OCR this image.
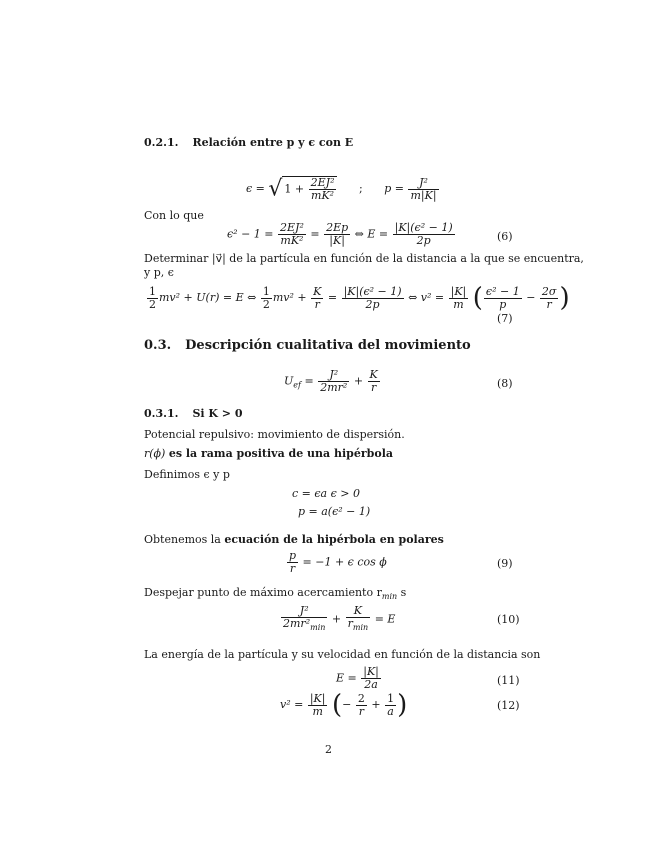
0.2.1. Relación entre p y ϵ con E
ϵ = √ $1 + \frac{\text{2EJ²}}{\text{mK²}}$ ; $p = \frac{\text{J²}}{m|K|}$
Con lo que
$\epsilon^2 - 1 = \frac{\text{2EJ²}}{\text{mK²}} = \frac{2Ep}{|K|}$ ⇔ $E = \frac{\text{|K|(ϵ² − 1)}}{2p}$	(6)
Determinar |v⃗| de la partícula en función de la distancia a la que se encuentra,
y p, ϵ
$\frac{1}{2} mv^2 + U(r) = E$ ⇔ $\frac{1}{2} mv^2 + \frac{K}{r} = \frac{\text{|K|(ϵ² − 1)}}{2p}$ ⇔ $v^2 = \frac{|K|}{m}$ ( $\frac{\text{ϵ² − 1}}{p} - \frac{2\sigma}{r}$ )
(7)
0.3. Descripción cualitativa del movimiento
$U_{ef} = \frac{\text{J²}}{\text{2mr²}} + \frac{K}{r}$	(8)
0.3.1. Si K > 0
Potencial repulsivo: movimiento de dispersión.
r(ϕ) es la rama positiva de una hipérbola
Definimos ϵ y p
c = ϵa ϵ > 0
p = a(ϵ² − 1)
Obtenemos la ecuación de la hipérbola en polares
$\frac{p}{r} = -1 + \epsilon$ cos ϕ	(9)
Despejar punto de máximo acercamiento $r_{min}$ s
$\frac{\text{J²}}{2mr^2_{min}} + \frac{K}{r_{min}} = E$	(10)
La energía de la partícula y su velocidad en función de la distancia son
$E = \frac{|K|}{2a}$	(11)
$v^2 = \frac{|K|}{m}$ (− $\frac{2}{r} + \frac{1}{a}$ )	(12)
2
